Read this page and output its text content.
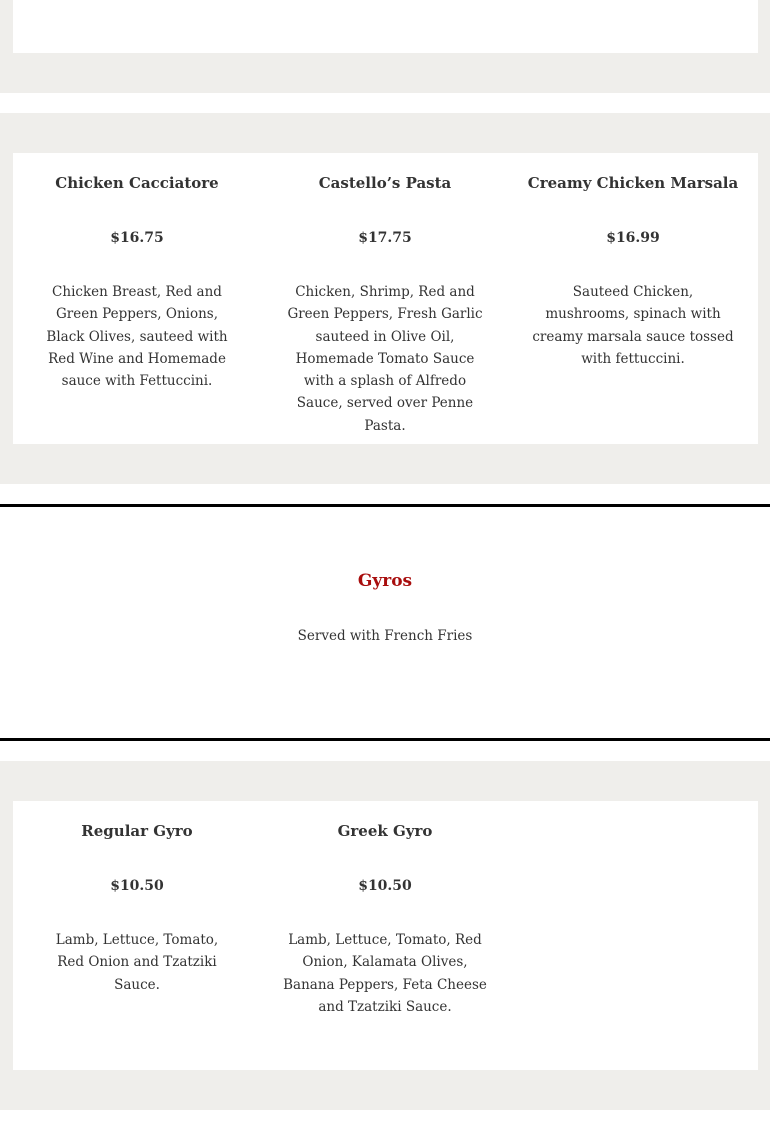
Chicken Cacciatore
$16.75
Chicken Breast, Red and Green Peppers, Onions, Black Olives, sauteed with Red Wine and Homemade sauce with Fettuccini.
Castello’s Pasta
$17.75
Chicken, Shrimp, Red and Green Peppers, Fresh Garlic sauteed in Olive Oil, Homemade Tomato Sauce with a splash of Alfredo Sauce, served over Penne Pasta.
Creamy Chicken Marsala
$16.99
Sauteed Chicken, mushrooms, spinach with creamy marsala sauce tossed with fettuccini.
Gyros
Served with French Fries
Regular Gyro
$10.50
Lamb, Lettuce, Tomato, Red Onion and Tzatziki Sauce.
Greek Gyro
$10.50
Lamb, Lettuce, Tomato, Red Onion, Kalamata Olives, Banana Peppers, Feta Cheese and Tzatziki Sauce.
